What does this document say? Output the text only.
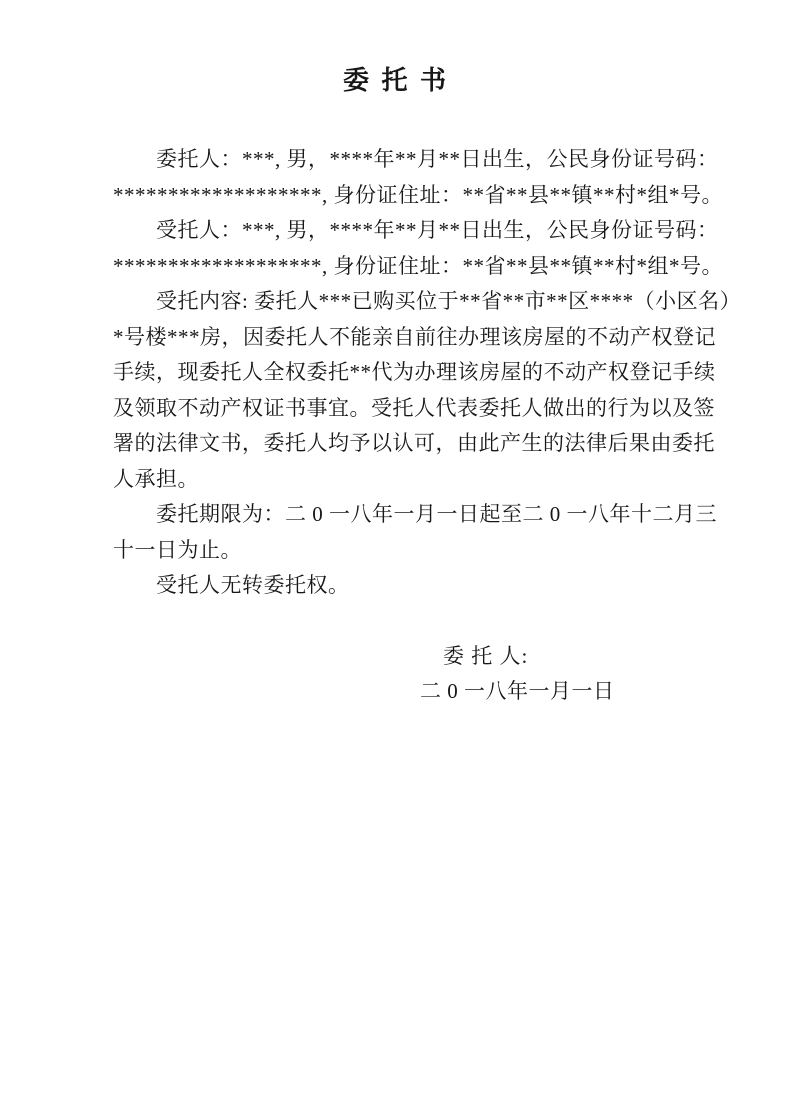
委 托 书
　　委托人：***, 男，****年**月**日出生，公民身份证号码：
*******************, 身份证住址：**省**县**镇**村*组*号。
　　受托人：***, 男，****年**月**日出生，公民身份证号码：
*******************, 身份证住址：**省**县**镇**村*组*号。
　　受托内容: 委托人***已购买位于**省**市**区****（小区名）
*号楼***房，因委托人不能亲自前往办理该房屋的不动产权登记
手续，现委托人全权委托**代为办理该房屋的不动产权登记手续
及领取不动产权证书事宜。受托人代表委托人做出的行为以及签
署的法律文书，委托人均予以认可，由此产生的法律后果由委托
人承担。
　　委托期限为：二 0 一八年一月一日起至二 0 一八年十二月三
十一日为止。
　　受托人无转委托权。
委 托 人:
二 0 一八年一月一日
